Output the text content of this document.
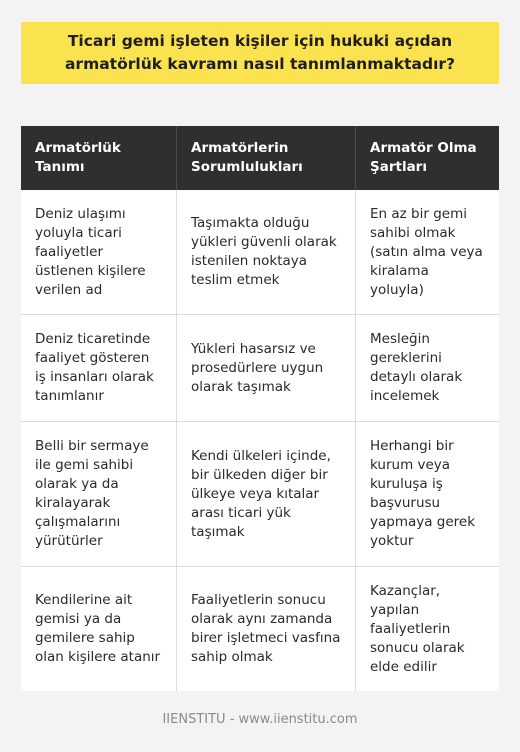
Ticari gemi işleten kişiler için hukuki açıdan armatörlük kavramı nasıl tanımlanmaktadır?
Armatörlük Tanımı
Armatörlerin Sorumlulukları
Armatör Olma Şartları
Deniz ulaşımı yoluyla ticari faaliyetler üstlenen kişilere verilen ad
Taşımakta olduğu yükleri güvenli olarak istenilen noktaya teslim etmek
En az bir gemi sahibi olmak (satın alma veya kiralama yoluyla)
Deniz ticaretinde faaliyet gösteren iş insanları olarak tanımlanır
Yükleri hasarsız ve prosedürlere uygun olarak taşımak
Mesleğin gereklerini detaylı olarak incelemek
Belli bir sermaye ile gemi sahibi olarak ya da kiralayarak çalışmalarını yürütürler
Kendi ülkeleri içinde, bir ülkeden diğer bir ülkeye veya kıtalar arası ticari yük taşımak
Herhangi bir kurum veya kuruluşa iş başvurusu yapmaya gerek yoktur
Kendilerine ait gemisi ya da gemilere sahip olan kişilere atanır
Faaliyetlerin sonucu olarak aynı zamanda birer işletmeci vasfına sahip olmak
Kazançlar, yapılan faaliyetlerin sonucu olarak elde edilir
IIENSTITU - www.iienstitu.com
